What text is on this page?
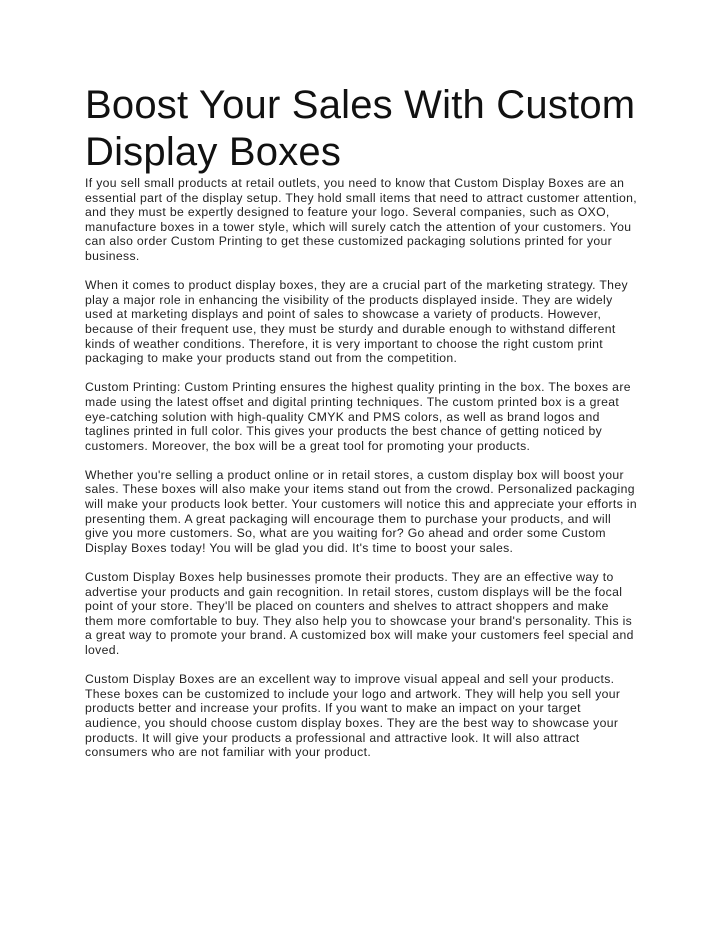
Boost Your Sales With Custom Display Boxes

If you sell small products at retail outlets, you need to know that Custom Display Boxes are an essential part of the display setup. They hold small items that need to attract customer attention, and they must be expertly designed to feature your logo. Several companies, such as OXO, manufacture boxes in a tower style, which will surely catch the attention of your customers. You can also order Custom Printing to get these customized packaging solutions printed for your business.

When it comes to product display boxes, they are a crucial part of the marketing strategy. They play a major role in enhancing the visibility of the products displayed inside. They are widely used at marketing displays and point of sales to showcase a variety of products. However, because of their frequent use, they must be sturdy and durable enough to withstand different kinds of weather conditions. Therefore, it is very important to choose the right custom print packaging to make your products stand out from the competition.

Custom Printing: Custom Printing ensures the highest quality printing in the box. The boxes are made using the latest offset and digital printing techniques. The custom printed box is a great eye-catching solution with high-quality CMYK and PMS colors, as well as brand logos and taglines printed in full color. This gives your products the best chance of getting noticed by customers. Moreover, the box will be a great tool for promoting your products.

Whether you're selling a product online or in retail stores, a custom display box will boost your sales. These boxes will also make your items stand out from the crowd. Personalized packaging will make your products look better. Your customers will notice this and appreciate your efforts in presenting them. A great packaging will encourage them to purchase your products, and will give you more customers. So, what are you waiting for? Go ahead and order some Custom Display Boxes today! You will be glad you did. It's time to boost your sales.

Custom Display Boxes help businesses promote their products. They are an effective way to advertise your products and gain recognition. In retail stores, custom displays will be the focal point of your store. They'll be placed on counters and shelves to attract shoppers and make them more comfortable to buy. They also help you to showcase your brand's personality. This is a great way to promote your brand. A customized box will make your customers feel special and loved.

Custom Display Boxes are an excellent way to improve visual appeal and sell your products. These boxes can be customized to include your logo and artwork. They will help you sell your products better and increase your profits. If you want to make an impact on your target audience, you should choose custom display boxes. They are the best way to showcase your products. It will give your products a professional and attractive look. It will also attract consumers who are not familiar with your product.
